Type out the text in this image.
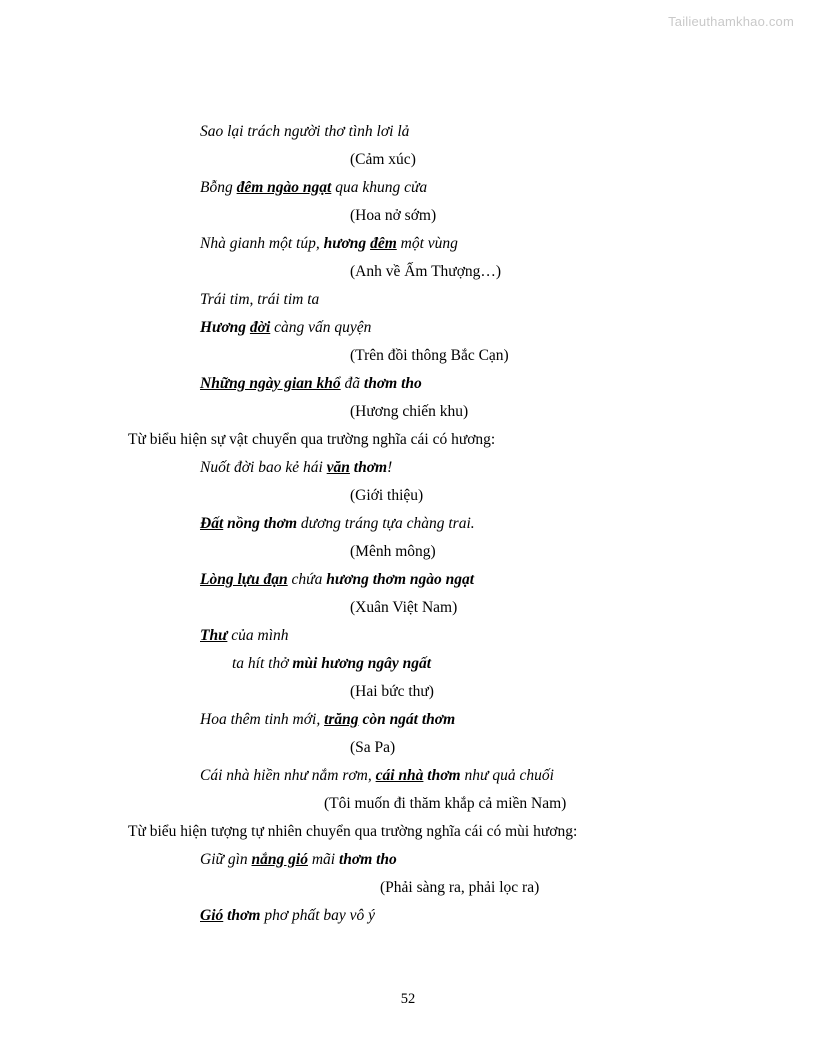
Tailieuthamkhao.com
Sao lại trách người thơ tình lơi lả
(Cảm xúc)
Bỗng đêm ngào ngạt qua khung cửa
(Hoa nở sớm)
Nhà gianh một túp, hương đêm một vùng
(Anh về Ấm Thượng…)
Trái tim, trái tim ta
Hương đời càng vấn quyện
(Trên đồi thông Bắc Cạn)
Những ngày gian khổ đã thơm tho
(Hương chiến khu)
Từ biểu hiện sự vật chuyển qua trường nghĩa cái có hương:
Nuốt đời bao kẻ hái văn thơm!
(Giới thiệu)
Đất nồng thơm dương tráng tựa chàng trai.
(Mênh mông)
Lòng lựu đạn chứa hương thơm ngào ngạt
(Xuân Việt Nam)
Thư của mình
ta hít thở mùi hương ngây ngất
(Hai bức thư)
Hoa thêm tinh mới, trăng còn ngát thơm
(Sa Pa)
Cái nhà hiền như nắm rơm, cái nhà thơm như quả chuối
(Tôi muốn đi thăm khắp cả miền Nam)
Từ biểu hiện tượng tự nhiên chuyển qua trường nghĩa cái có mùi hương:
Giữ gìn nắng gió mãi thơm tho
(Phải sàng ra, phải lọc ra)
Gió thơm phơ phất bay vô ý
52
